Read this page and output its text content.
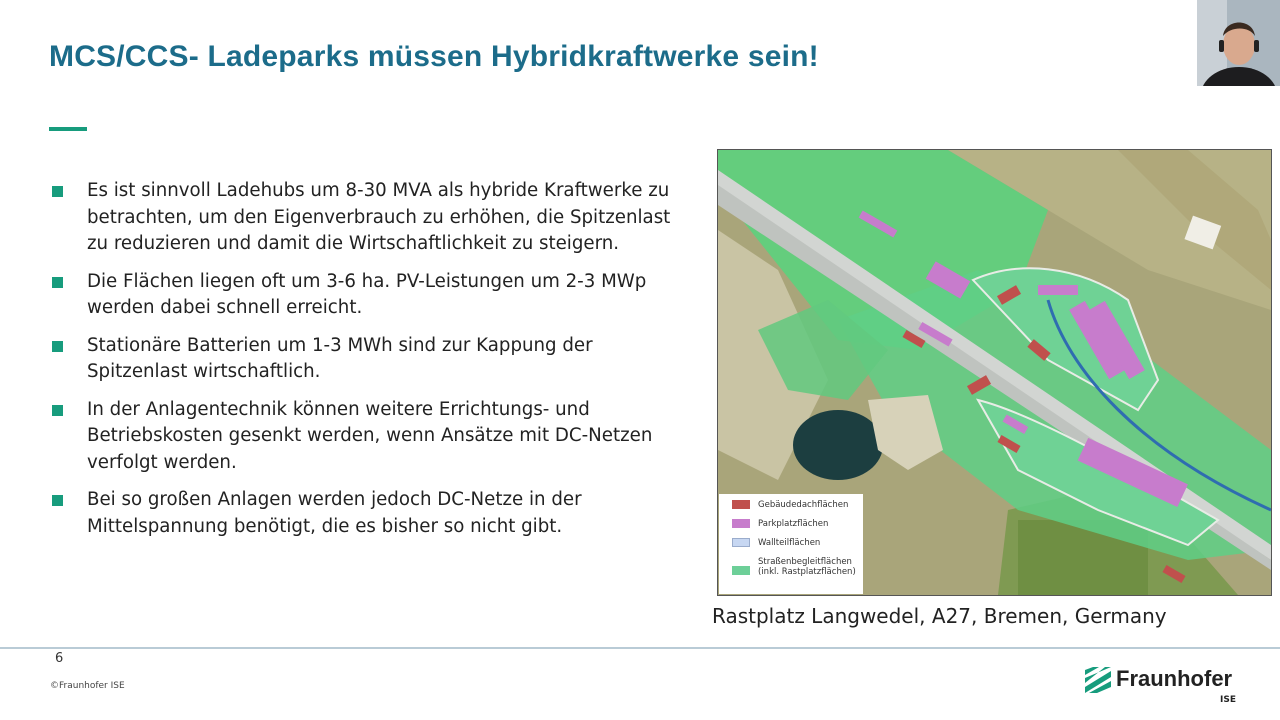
MCS/CCS- Ladeparks müssen Hybridkraftwerke sein!
Es ist sinnvoll Ladehubs um 8-30 MVA als hybride Kraftwerke zu betrachten, um den Eigenverbrauch zu erhöhen, die Spitzenlast zu reduzieren und damit die Wirtschaftlichkeit zu steigern.
Die Flächen liegen oft um 3-6 ha. PV-Leistungen um 2-3 MWp werden dabei schnell erreicht.
Stationäre Batterien um 1-3 MWh sind zur Kappung der Spitzenlast wirtschaftlich.
In der Anlagentechnik können weitere Errichtungs- und Betriebskosten gesenkt werden, wenn Ansätze mit DC-Netzen verfolgt werden.
Bei so großen Anlagen werden jedoch DC-Netze in der Mittelspannung benötigt, die es bisher so nicht gibt.
Gebäudedachflächen
Parkplatzflächen
Wallteilflächen
Straßenbegleitflächen (inkl. Rastplatzflächen)
Rastplatz Langwedel, A27, Bremen, Germany
6
©Fraunhofer ISE	Fraunhofer
ISE
